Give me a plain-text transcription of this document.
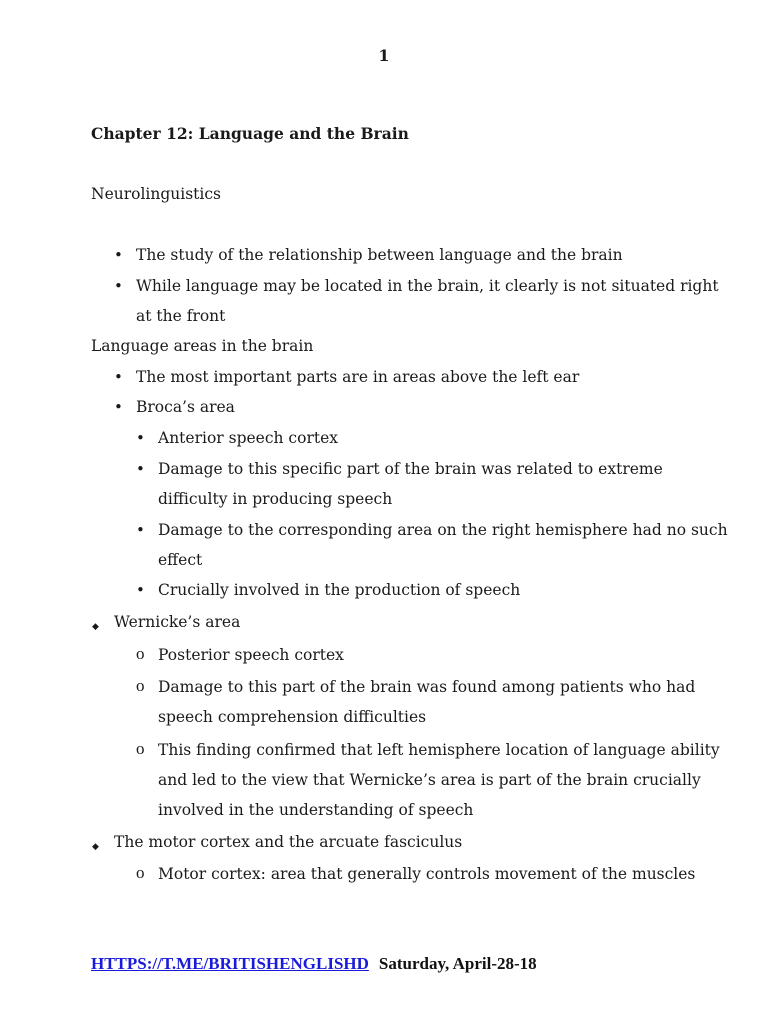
1
Chapter 12: Language and the Brain
Neurolinguistics
• The study of the relationship between language and the brain
• While language may be located in the brain, it clearly is not situated right
at the front
Language areas in the brain
• The most important parts are in areas above the left ear
• Broca’s area
• Anterior speech cortex
• Damage to this specific part of the brain was related to extreme
difficulty in producing speech
• Damage to the corresponding area on the right hemisphere had no such
effect
• Crucially involved in the production of speech
◆ Wernicke’s area
o Posterior speech cortex
o Damage to this part of the brain was found among patients who had
speech comprehension difficulties
o This finding confirmed that left hemisphere location of language ability
and led to the view that Wernicke’s area is part of the brain crucially
involved in the understanding of speech
◆ The motor cortex and the arcuate fasciculus
o Motor cortex: area that generally controls movement of the muscles
HTTPS://T.ME/BRITISHENGLISHD Saturday, April-28-18
